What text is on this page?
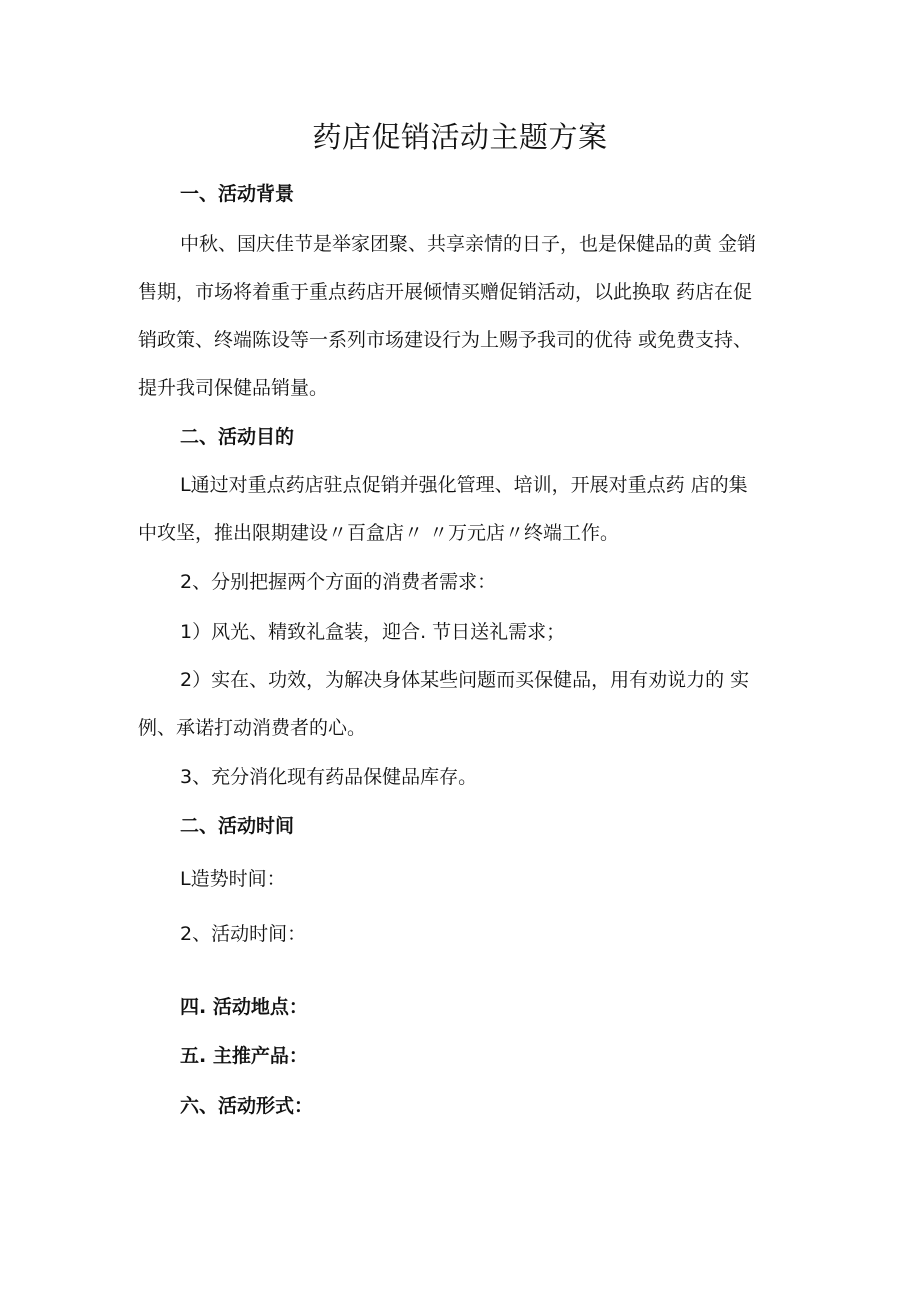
药店促销活动主题方案

一、活动背景

中秋、国庆佳节是举家团聚、共享亲情的日子，也是保健品的黄 金销

售期，市场将着重于重点药店开展倾情买赠促销活动，以此换取 药店在促

销政策、终端陈设等一系列市场建设行为上赐予我司的优待 或免费支持、

提升我司保健品销量。

二、活动目的

L通过对重点药店驻点促销并强化管理、培训，开展对重点药 店的集

中攻坚，推出限期建设〃百盒店〃 〃万元店〃终端工作。

2、分别把握两个方面的消费者需求：

1）风光、精致礼盒装，迎合. 节日送礼需求；

2）实在、功效，为解决身体某些问题而买保健品，用有劝说力的 实

例、承诺打动消费者的心。

3、充分消化现有药品保健品库存。

二、活动时间

L造势时间：

2、活动时间：

四. 活动地点：

五. 主推产品：

六、活动形式：
